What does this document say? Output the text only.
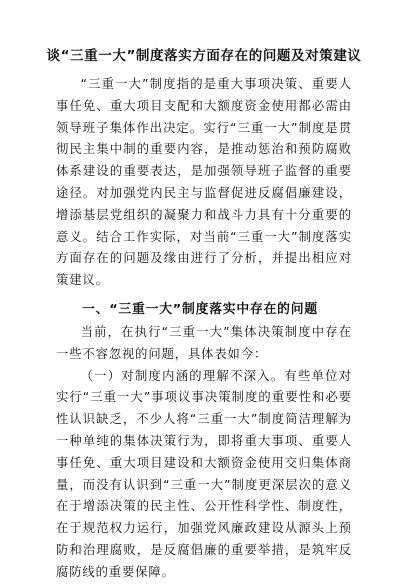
谈“三重一大”制度落实方面存在的问题及对策建议

“三重一大”制度指的是重大事项决策、重要人事任免、重大项目支配和大额度资金使用都必需由领导班子集体作出决定。实行“三重一大”制度是贯彻民主集中制的重要内容，是推动惩治和预防腐败体系建设的重要表达，是加强领导班子监督的重要途径。对加强党内民主与监督促进反腐倡廉建设，增添基层党组织的凝聚力和战斗力具有十分重要的意义。结合工作实际，对当前“三重一大”制度落实方面存在的问题及缘由进行了分析，并提出相应对策建议。

一、“三重一大”制度落实中存在的问题

当前，在执行“三重一大”集体决策制度中存在一些不容忽视的问题，具体表如今：

（一）对制度内涵的理解不深入。有些单位对实行“三重一大”事项议事决策制度的重要性和必要性认识缺乏，不少人将“三重一大”制度简洁理解为一种单纯的集体决策行为，即将重大事项、重要人事任免、重大项目建设和大额资金使用交归集体商量，而没有认识到“三重一大”制度更深层次的意义在于增添决策的民主性、公开性科学性、制度性，在于规范权力运行，加强党风廉政建设从源头上预防和治理腐败，是反腐倡廉的重要举措，是筑牢反腐防线的重要保障。
